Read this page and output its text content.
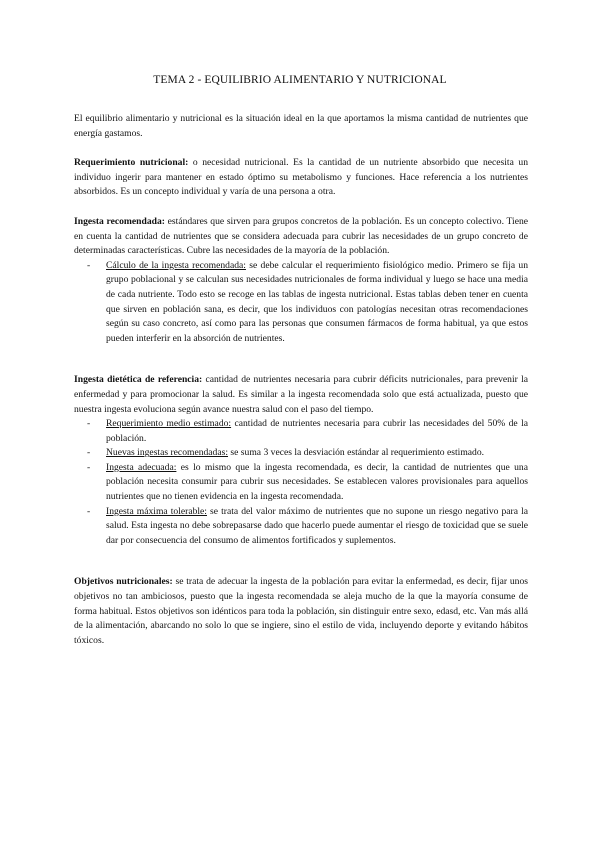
TEMA 2 - EQUILIBRIO ALIMENTARIO Y NUTRICIONAL

El equilibrio alimentario y nutricional es la situación ideal en la que aportamos la misma cantidad de nutrientes que energía gastamos.

Requerimiento nutricional: o necesidad nutricional. Es la cantidad de un nutriente absorbido que necesita un individuo ingerir para mantener en estado óptimo su metabolismo y funciones. Hace referencia a los nutrientes absorbidos. Es un concepto individual y varía de una persona a otra.

Ingesta recomendada: estándares que sirven para grupos concretos de la población. Es un concepto colectivo. Tiene en cuenta la cantidad de nutrientes que se considera adecuada para cubrir las necesidades de un grupo concreto de determinadas características. Cubre las necesidades de la mayoría de la población.

- Cálculo de la ingesta recomendada: se debe calcular el requerimiento fisiológico medio. Primero se fija un grupo poblacional y se calculan sus necesidades nutricionales de forma individual y luego se hace una media de cada nutriente. Todo esto se recoge en las tablas de ingesta nutricional. Estas tablas deben tener en cuenta que sirven en población sana, es decir, que los individuos con patologías necesitan otras recomendaciones según su caso concreto, así como para las personas que consumen fármacos de forma habitual, ya que estos pueden interferir en la absorción de nutrientes.

Ingesta dietética de referencia: cantidad de nutrientes necesaria para cubrir déficits nutricionales, para prevenir la enfermedad y para promocionar la salud. Es similar a la ingesta recomendada solo que está actualizada, puesto que nuestra ingesta evoluciona según avance nuestra salud con el paso del tiempo.

- Requerimiento medio estimado: cantidad de nutrientes necesaria para cubrir las necesidades del 50% de la población.
- Nuevas ingestas recomendadas: se suma 3 veces la desviación estándar al requerimiento estimado.
- Ingesta adecuada: es lo mismo que la ingesta recomendada, es decir, la cantidad de nutrientes que una población necesita consumir para cubrir sus necesidades. Se establecen valores provisionales para aquellos nutrientes que no tienen evidencia en la ingesta recomendada.
- Ingesta máxima tolerable: se trata del valor máximo de nutrientes que no supone un riesgo negativo para la salud. Esta ingesta no debe sobrepasarse dado que hacerlo puede aumentar el riesgo de toxicidad que se suele dar por consecuencia del consumo de alimentos fortificados y suplementos.

Objetivos nutricionales: se trata de adecuar la ingesta de la población para evitar la enfermedad, es decir, fijar unos objetivos no tan ambiciosos, puesto que la ingesta recomendada se aleja mucho de la que la mayoría consume de forma habitual. Estos objetivos son idénticos para toda la población, sin distinguir entre sexo, edasd, etc. Van más allá de la alimentación, abarcando no solo lo que se ingiere, sino el estilo de vida, incluyendo deporte y evitando hábitos tóxicos.
